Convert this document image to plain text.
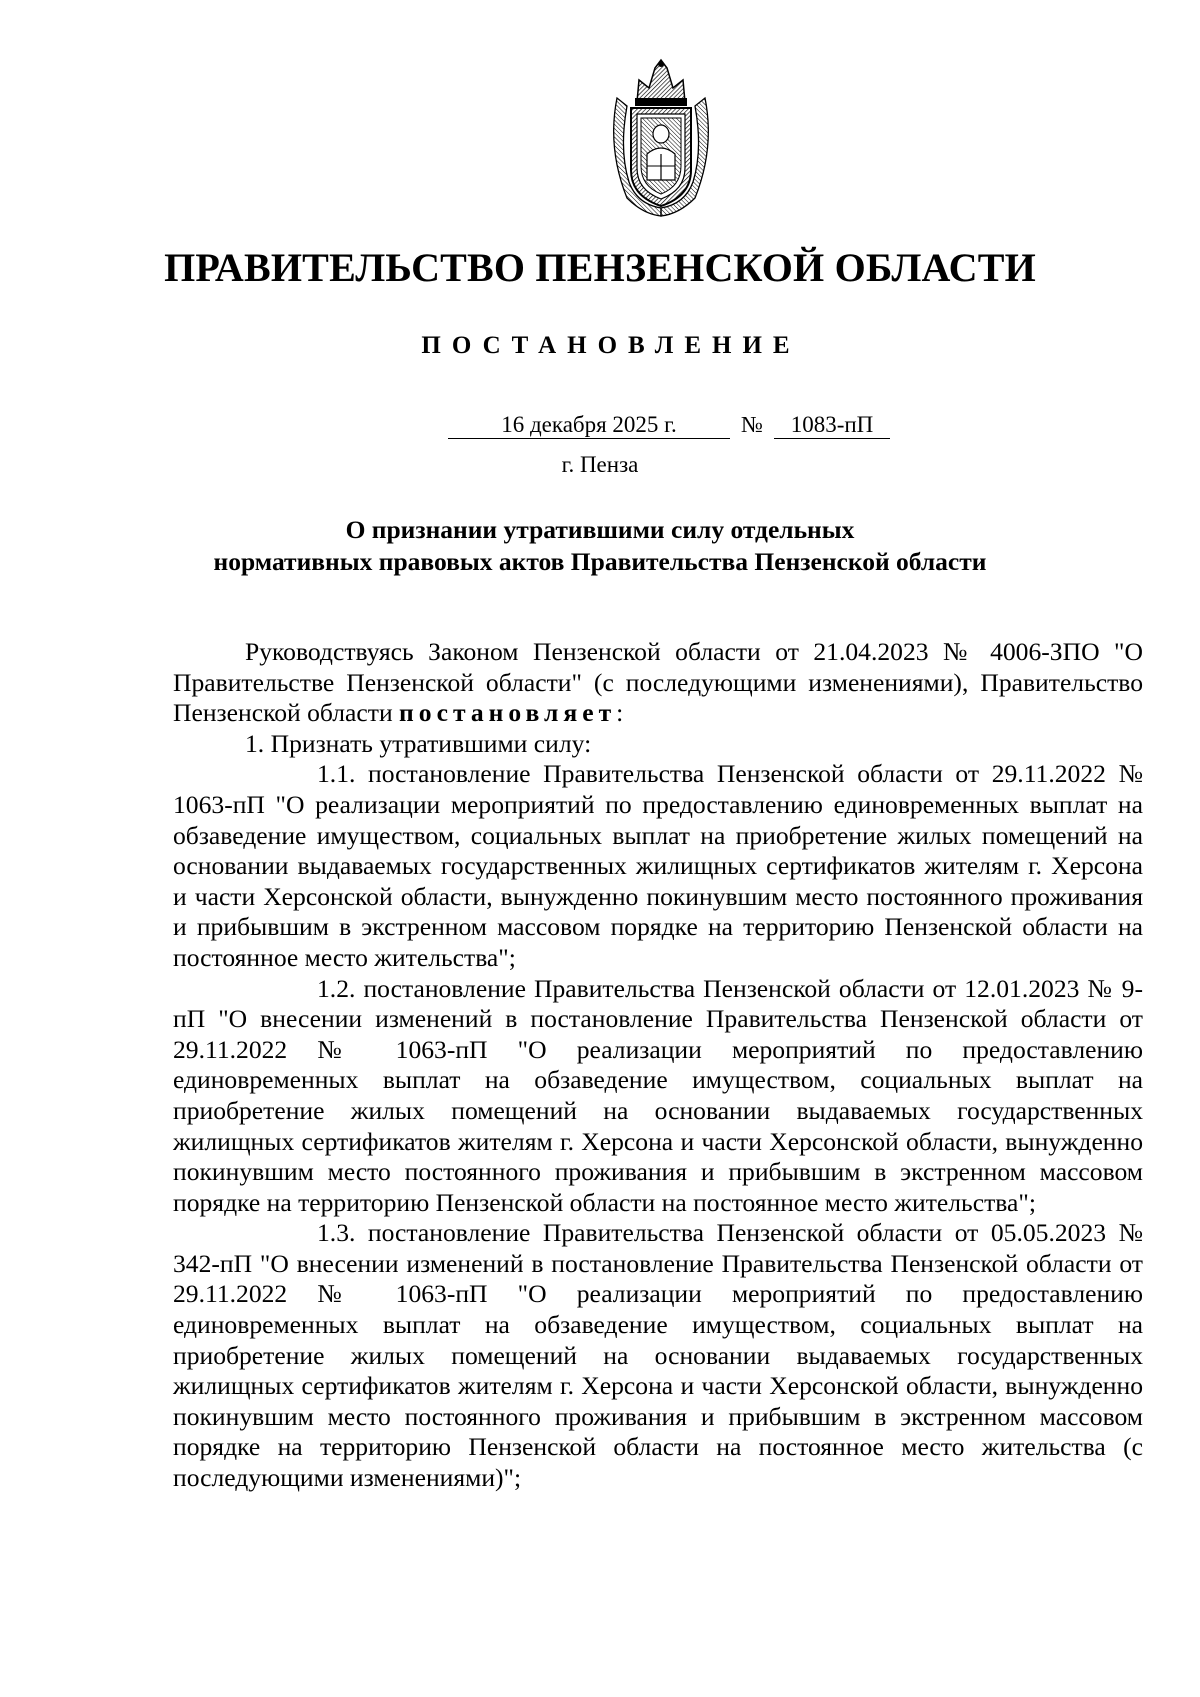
ПРАВИТЕЛЬСТВО ПЕНЗЕНСКОЙ ОБЛАСТИ
ПОСТАНОВЛЕНИЕ
16 декабря 2025 г.	№ 1083-пП
г. Пенза
О признании утратившими силу отдельных
нормативных правовых актов Правительства Пензенской области

Руководствуясь Законом Пензенской области от 21.04.2023 № 4006-ЗПО "О Правительстве Пензенской области" (с последующими изменениями), Правительство Пензенской области постановляет:

1. Признать утратившими силу:

1.1. постановление Правительства Пензенской области от 29.11.2022 № 1063-пП "О реализации мероприятий по предоставлению единовременных выплат на обзаведение имуществом, социальных выплат на приобретение жилых помещений на основании выдаваемых государственных жилищных сертификатов жителям г. Херсона и части Херсонской области, вынужденно покинувшим место постоянного проживания и прибывшим в экстренном массовом порядке на территорию Пензенской области на постоянное место жительства";

1.2. постановление Правительства Пензенской области от 12.01.2023 № 9-пП "О внесении изменений в постановление Правительства Пензенской области от 29.11.2022 № 1063-пП "О реализации мероприятий по предоставлению единовременных выплат на обзаведение имуществом, социальных выплат на приобретение жилых помещений на основании выдаваемых государственных жилищных сертификатов жителям г. Херсона и части Херсонской области, вынужденно покинувшим место постоянного проживания и прибывшим в экстренном массовом порядке на территорию Пензенской области на постоянное место жительства";

1.3. постановление Правительства Пензенской области от 05.05.2023 № 342-пП "О внесении изменений в постановление Правительства Пензенской области от 29.11.2022 № 1063-пП "О реализации мероприятий по предоставлению единовременных выплат на обзаведение имуществом, социальных выплат на приобретение жилых помещений на основании выдаваемых государственных жилищных сертификатов жителям г. Херсона и части Херсонской области, вынужденно покинувшим место постоянного проживания и прибывшим в экстренном массовом порядке на территорию Пензенской области на постоянное место жительства (с последующими изменениями)";
